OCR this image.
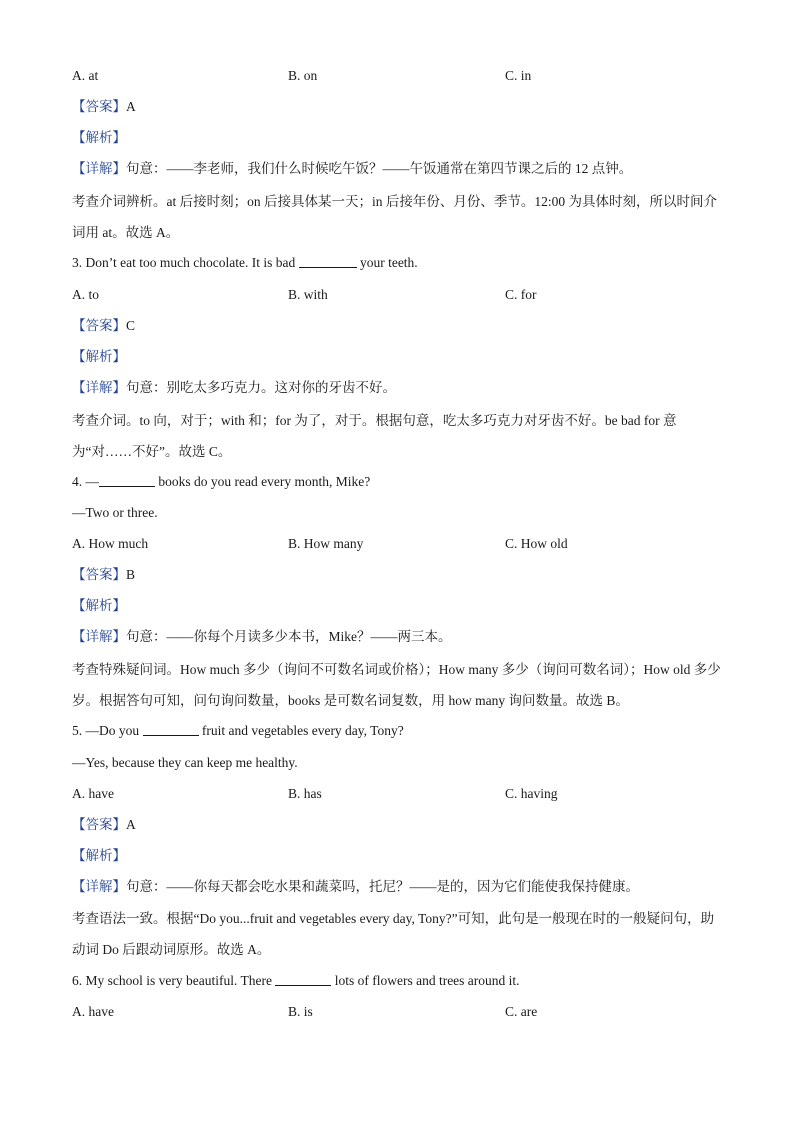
A. at	B. on	C. in
【答案】A
【解析】
【详解】句意：——李老师，我们什么时候吃午饭？——午饭通常在第四节课之后的 12 点钟。
考查介词辨析。at 后接时刻；on 后接具体某一天；in 后接年份、月份、季节。12:00 为具体时刻，所以时间介词用 at。故选 A。
3. Don’t eat too much chocolate. It is bad	your teeth.
A. to	B. with	C. for
【答案】C
【解析】
【详解】句意：别吃太多巧克力。这对你的牙齿不好。
考查介词。to 向，对于；with 和；for 为了，对于。根据句意，吃太多巧克力对牙齿不好。be bad for 意为“对……不好”。故选 C。
4. —	books do you read every month, Mike?
—Two or three.
A. How much	B. How many	C. How old
【答案】B
【解析】
【详解】句意：——你每个月读多少本书，Mike？——两三本。
考查特殊疑问词。How much 多少（询问不可数名词或价格）；How many 多少（询问可数名词）；How old 多少岁。根据答句可知，问句询问数量，books 是可数名词复数，用 how many 询问数量。故选 B。
5. —Do you	fruit and vegetables every day, Tony?
—Yes, because they can keep me healthy.
A. have	B. has	C. having
【答案】A
【解析】
【详解】句意：——你每天都会吃水果和蔬菜吗，托尼？——是的，因为它们能使我保持健康。
考查语法一致。根据“Do you...fruit and vegetables every day, Tony?”可知，此句是一般现在时的一般疑问句，助动词 Do 后跟动词原形。故选 A。
6. My school is very beautiful. There	lots of flowers and trees around it.
A. have	B. is	C. are
